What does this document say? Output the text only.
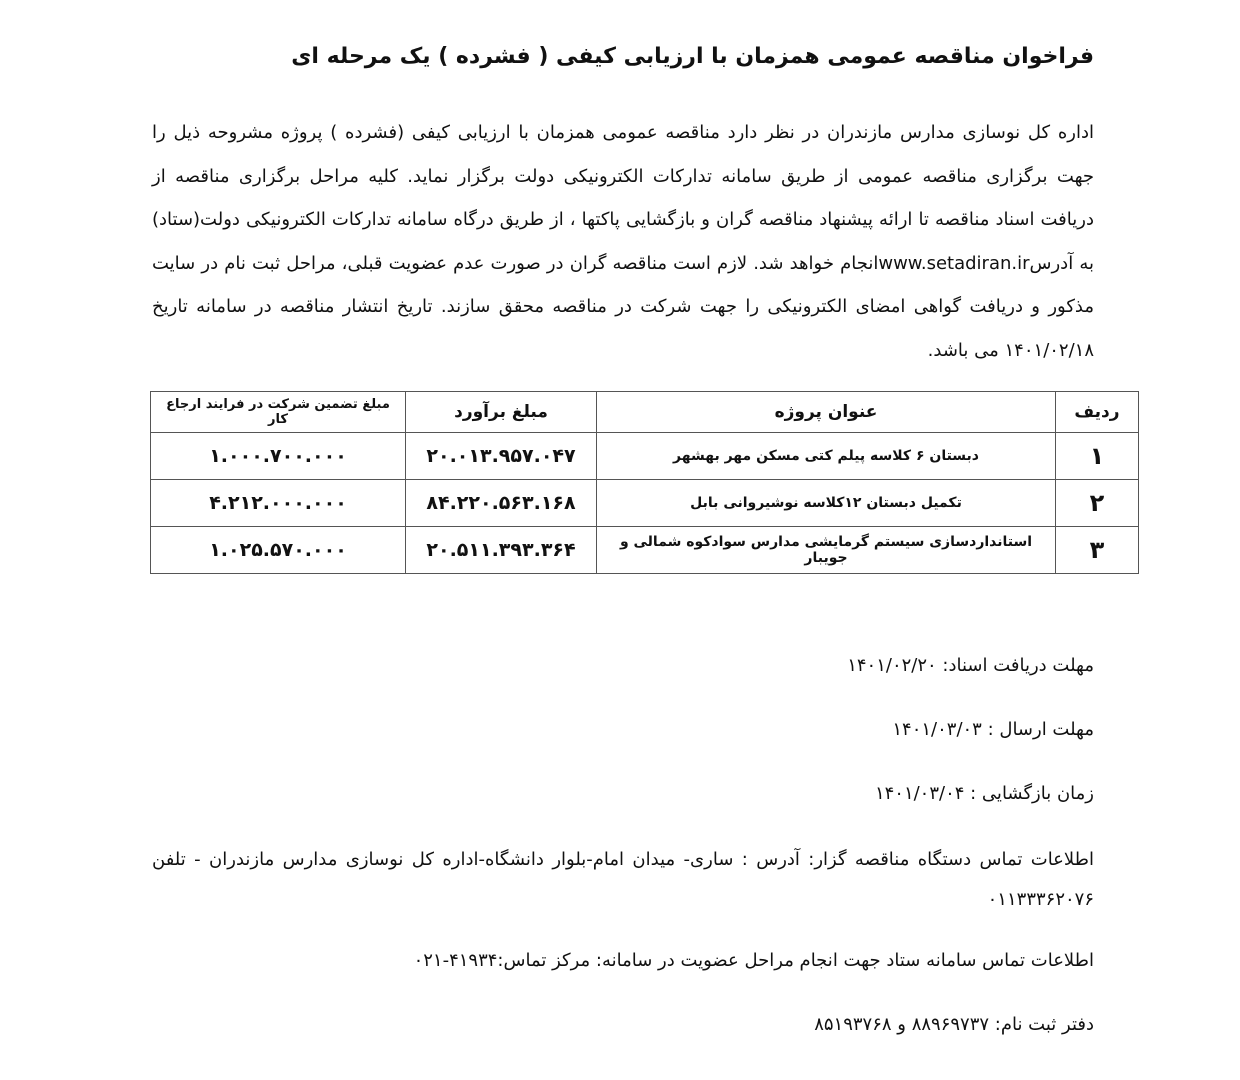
فراخوان مناقصه عمومی همزمان با ارزیابی کیفی ( فشرده ) یک مرحله ای

اداره کل نوسازی مدارس مازندران در نظر دارد مناقصه عمومی همزمان با ارزیابی کیفی (فشرده ) پروژه مشروحه ذیل را جهت برگزاری مناقصه عمومی از طریق سامانه تدارکات الکترونیکی دولت برگزار نماید. کلیه مراحل برگزاری مناقصه از دریافت اسناد مناقصه تا ارائه پیشنهاد مناقصه گران و بازگشایی پاکتها ، از طریق درگاه سامانه تدارکات الکترونیکی دولت(ستاد) به آدرسwww.setadiran.irانجام خواهد شد. لازم است مناقصه گران در صورت عدم عضویت قبلی، مراحل ثبت نام در سایت مذکور و دریافت گواهی امضای الکترونیکی را جهت شرکت در مناقصه محقق سازند. تاریخ انتشار مناقصه در سامانه تاریخ ۱۴۰۱/۰۲/۱۸ می باشد.

ردیف	عنوان پروژه	مبلغ برآورد	مبلغ تضمین شرکت در فرایند ارجاع کار
۱	دبستان ۶ کلاسه پیلم کتی مسکن مهر بهشهر	۲۰.۰۱۳.۹۵۷.۰۴۷	۱.۰۰۰.۷۰۰.۰۰۰
۲	تکمیل دبستان ۱۲کلاسه نوشیروانی بابل	۸۴.۲۲۰.۵۶۳.۱۶۸	۴.۲۱۲.۰۰۰.۰۰۰
۳	استانداردسازی سیستم گرمایشی مدارس سوادکوه شمالی و جویبار	۲۰.۵۱۱.۳۹۳.۳۶۴	۱.۰۲۵.۵۷۰.۰۰۰
مهلت دریافت اسناد: ۱۴۰۱/۰۲/۲۰
مهلت ارسال : ۱۴۰۱/۰۳/۰۳
زمان بازگشایی : ۱۴۰۱/۰۳/۰۴
اطلاعات تماس دستگاه مناقصه گزار: آدرس : ساری- میدان امام-بلوار دانشگاه-اداره کل نوسازی مدارس مازندران - تلفن ۰۱۱۳۳۳۶۲۰۷۶
اطلاعات تماس سامانه ستاد جهت انجام مراحل عضویت در سامانه: مرکز تماس:۴۱۹۳۴-۰۲۱
دفتر ثبت نام: ۸۸۹۶۹۷۳۷ و ۸۵۱۹۳۷۶۸
